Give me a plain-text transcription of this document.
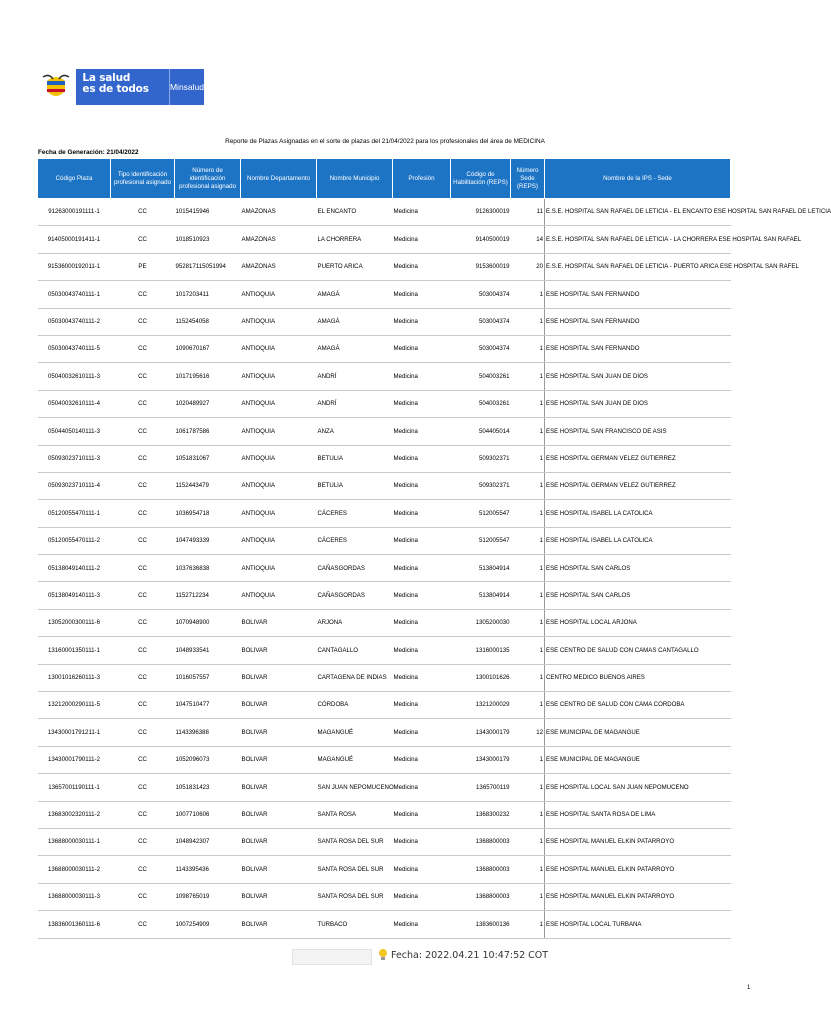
La salud
es de todos	Minsalud
Reporte de Plazas Asignadas en el sorte de plazas del 21/04/2022 para los profesionales del área de MEDICINA
Fecha de Generación: 21/04/2022
Código Plaza	Tipo identificación profesional asignado	Número de identificación profesional asignado	Nombre Departamento	Nombre Municipio	Profesión	Código de Habilitación (REPS)	Número Sede (REPS)	Nombre de la IPS - Sede
91263000191111-1	CC	1015415946	AMAZONAS	EL ENCANTO	Medicina	9126300019	11	E.S.E. HOSPITAL SAN RAFAEL DE LETICIA - EL ENCANTO ESE HOSPITAL SAN RAFAEL DE LETICIA
91405000191411-1	CC	1018510923	AMAZONAS	LA CHORRERA	Medicina	9140500019	14	E.S.E. HOSPITAL SAN RAFAEL DE LETICIA - LA CHORRERA ESE HOSPITAL SAN RAFAEL
91536000192011-1	PE	952817115051994	AMAZONAS	PUERTO ARICA	Medicina	9153600019	20	E.S.E. HOSPITAL SAN RAFAEL DE LETICIA - PUERTO ARICA ESE HOSPITAL SAN RAFEL
05030043740111-1	CC	1017203411	ANTIOQUIA	AMAGÁ	Medicina	503004374	1	ESE HOSPITAL SAN FERNANDO
05030043740111-2	CC	1152454058	ANTIOQUIA	AMAGÁ	Medicina	503004374	1	ESE HOSPITAL SAN FERNANDO
05030043740111-5	CC	1090670167	ANTIOQUIA	AMAGÁ	Medicina	503004374	1	ESE HOSPITAL SAN FERNANDO
05040032610111-3	CC	1017195616	ANTIOQUIA	ANDRÍ	Medicina	504003261	1	ESE HOSPITAL SAN JUAN DE DIOS
05040032610111-4	CC	1020489927	ANTIOQUIA	ANDRÍ	Medicina	504003261	1	ESE HOSPITAL SAN JUAN DE DIOS
05044050140111-3	CC	1061787586	ANTIOQUIA	ANZA	Medicina	504405014	1	ESE HOSPITAL SAN FRANCISCO DE ASIS
05093023710111-3	CC	1051831067	ANTIOQUIA	BETULIA	Medicina	509302371	1	ESE HOSPITAL GERMAN VELEZ GUTIERREZ
05093023710111-4	CC	1152443479	ANTIOQUIA	BETULIA	Medicina	509302371	1	ESE HOSPITAL GERMAN VELEZ GUTIERREZ
05120055470111-1	CC	1036954718	ANTIOQUIA	CÁCERES	Medicina	512005547	1	ESE HOSPITAL ISABEL LA CATOLICA
05120055470111-2	CC	1047493339	ANTIOQUIA	CÁCERES	Medicina	512005547	1	ESE HOSPITAL ISABEL LA CATOLICA
05138049140111-2	CC	1037636838	ANTIOQUIA	CAÑASGORDAS	Medicina	513804914	1	ESE HOSPITAL SAN CARLOS
05138049140111-3	CC	1152712234	ANTIOQUIA	CAÑASGORDAS	Medicina	513804914	1	ESE HOSPITAL SAN CARLOS
13052000300111-6	CC	1070948900	BOLIVAR	ARJONA	Medicina	1305200030	1	ESE HOSPITAL LOCAL ARJONA
13160001350111-1	CC	1048933541	BOLIVAR	CANTAGALLO	Medicina	1316000135	1	ESE CENTRO DE SALUD CON CAMAS CANTAGALLO
13001016260111-3	CC	1016057557	BOLIVAR	CARTAGENA DE INDIAS	Medicina	1300101626	1	CENTRO MEDICO BUENOS AIRES
13212000290111-5	CC	1047510477	BOLIVAR	CÓRDOBA	Medicina	1321200029	1	ESE CENTRO DE SALUD CON CAMA CORDOBA
13430001791211-1	CC	1143396388	BOLIVAR	MAGANGUÉ	Medicina	1343000179	12	ESE MUNICIPAL DE MAGANGUE
13430001790111-2	CC	1052096073	BOLIVAR	MAGANGUÉ	Medicina	1343000179	1	ESE MUNICIPAL DE MAGANGUE
13657001190111-1	CC	1051831423	BOLIVAR	SAN JUAN NEPOMUCENO	Medicina	1365700119	1	ESE HOSPITAL LOCAL SAN JUAN NEPOMUCENO
13683002320111-2	CC	1007710606	BOLIVAR	SANTA ROSA	Medicina	1368300232	1	ESE HOSPITAL SANTA ROSA DE LIMA
13688000030111-1	CC	1048942307	BOLIVAR	SANTA ROSA DEL SUR	Medicina	1368800003	1	ESE HOSPITAL MANUEL ELKIN PATARROYO
13688000030111-2	CC	1143395436	BOLIVAR	SANTA ROSA DEL SUR	Medicina	1368800003	1	ESE HOSPITAL MANUEL ELKIN PATARROYO
13688000030111-3	CC	1098765019	BOLIVAR	SANTA ROSA DEL SUR	Medicina	1368800003	1	ESE HOSPITAL MANUEL ELKIN PATARROYO
13836001360111-6	CC	1007254909	BOLIVAR	TURBACO	Medicina	1383600136	1	ESE HOSPITAL LOCAL TURBANA
Fecha: 2022.04.21 10:47:52 COT
1
